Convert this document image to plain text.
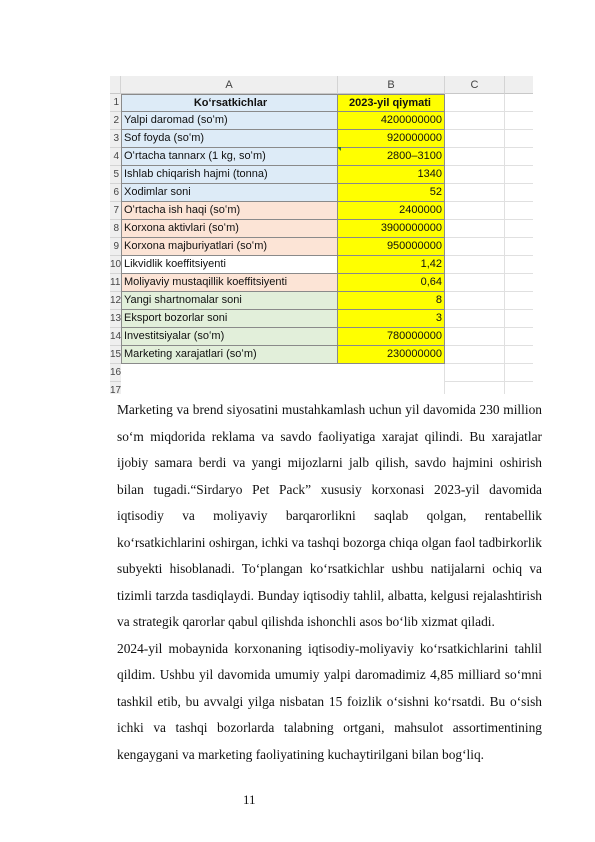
A	B	C
1	Koʻrsatkichlar	2023-yil qiymati
2 Yalpi daromad (soʻm)	4200000000
3 Sof foyda (soʻm)	920000000
4 Oʻrtacha tannarx (1 kg, soʻm)	2800–3100
5 Ishlab chiqarish hajmi (tonna)	1340
6 Xodimlar soni	52
7 Oʻrtacha ish haqi (soʻm)	2400000
8 Korxona aktivlari (soʻm)	3900000000
9 Korxona majburiyatlari (soʻm)	950000000
10 Likvidlik koeffitsiyenti	1,42
11 Moliyaviy mustaqillik koeffitsiyenti	0,64
12 Yangi shartnomalar soni	8
13 Eksport bozorlar soni	3
14 Investitsiyalar (soʻm)	780000000
15 Marketing xarajatlari (soʻm)	230000000
16
17

Marketing va brend siyosatini mustahkamlash uchun yil davomida 230 million soʻm miqdorida reklama va savdo faoliyatiga xarajat qilindi. Bu xarajatlar ijobiy samara berdi va yangi mijozlarni jalb qilish, savdo hajmini oshirish bilan tugadi.“Sirdaryo Pet Pack” xususiy korxonasi 2023-yil davomida iqtisodiy va moliyaviy barqarorlikni saqlab qolgan, rentabellik koʻrsatkichlarini oshirgan, ichki va tashqi bozorga chiqa olgan faol tadbirkorlik subyekti hisoblanadi. Toʻplangan koʻrsatkichlar ushbu natijalarni ochiq va tizimli tarzda tasdiqlaydi. Bunday iqtisodiy tahlil, albatta, kelgusi rejalashtirish va strategik qarorlar qabul qilishda ishonchli asos boʻlib xizmat qiladi.

2024-yil mobaynida korxonaning iqtisodiy-moliyaviy koʻrsatkichlarini tahlil qildim. Ushbu yil davomida umumiy yalpi daromadimiz 4,85 milliard soʻmni tashkil etib, bu avvalgi yilga nisbatan 15 foizlik oʻsishni koʻrsatdi. Bu oʻsish ichki va tashqi bozorlarda talabning ortgani, mahsulot assortimentining kengaygani va marketing faoliyatining kuchaytirilgani bilan bogʻliq.

11
